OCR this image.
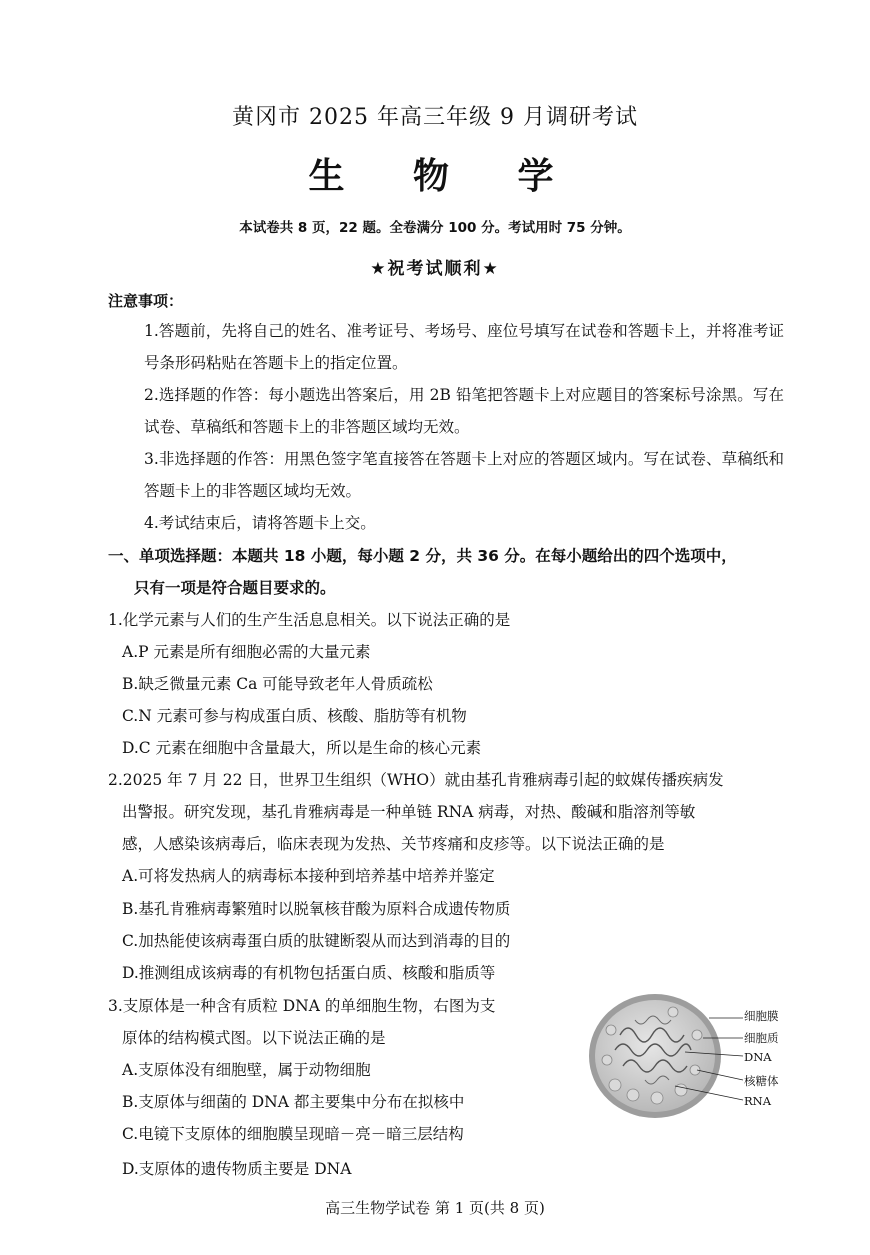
黄冈市 2025 年高三年级 9 月调研考试
生 物 学
本试卷共 8 页，22 题。全卷满分 100 分。考试用时 75 分钟。
★祝考试顺利★
注意事项：
1.答题前，先将自己的姓名、准考证号、考场号、座位号填写在试卷和答题卡上，并将准考证号条形码粘贴在答题卡上的指定位置。
2.选择题的作答：每小题选出答案后，用 2B 铅笔把答题卡上对应题目的答案标号涂黑。写在试卷、草稿纸和答题卡上的非答题区域均无效。
3.非选择题的作答：用黑色签字笔直接答在答题卡上对应的答题区域内。写在试卷、草稿纸和答题卡上的非答题区域均无效。
4.考试结束后，请将答题卡上交。
一、单项选择题：本题共 18 小题，每小题 2 分，共 36 分。在每小题给出的四个选项中，
只有一项是符合题目要求的。
1.化学元素与人们的生产生活息息相关。以下说法正确的是
A.P 元素是所有细胞必需的大量元素
B.缺乏微量元素 Ca 可能导致老年人骨质疏松
C.N 元素可参与构成蛋白质、核酸、脂肪等有机物
D.C 元素在细胞中含量最大，所以是生命的核心元素
2.2025 年 7 月 22 日，世界卫生组织（WHO）就由基孔肯雅病毒引起的蚊媒传播疾病发
出警报。研究发现，基孔肯雅病毒是一种单链 RNA 病毒，对热、酸碱和脂溶剂等敏
感，人感染该病毒后，临床表现为发热、关节疼痛和皮疹等。以下说法正确的是
A.可将发热病人的病毒标本接种到培养基中培养并鉴定
B.基孔肯雅病毒繁殖时以脱氧核苷酸为原料合成遗传物质
C.加热能使该病毒蛋白质的肽键断裂从而达到消毒的目的
D.推测组成该病毒的有机物包括蛋白质、核酸和脂质等
3.支原体是一种含有质粒 DNA 的单细胞生物，右图为支
原体的结构模式图。以下说法正确的是
A.支原体没有细胞壁，属于动物细胞
B.支原体与细菌的 DNA 都主要集中分布在拟核中
C.电镜下支原体的细胞膜呈现暗－亮－暗三层结构
D.支原体的遗传物质主要是 DNA
细胞膜
细胞质
DNA
核糖体
RNA
高三生物学试卷 第 1 页(共 8 页)
